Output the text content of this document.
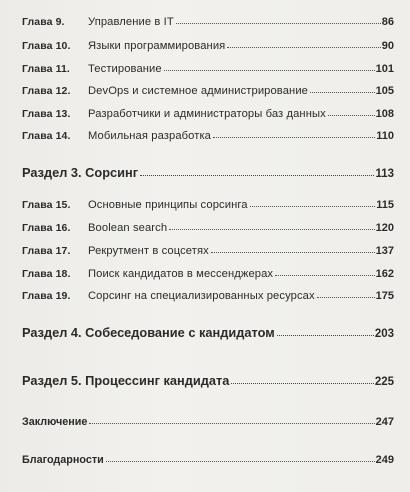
Глава 9.	Управление в IT	86
Глава 10.	Языки программирования	90
Глава 11.	Тестирование	101
Глава 12.	DevOps и системное администрирование	105
Глава 13.	Разработчики и администраторы баз данных	108
Глава 14.	Мобильная разработка	110
Раздел 3. Сорсинг	113
Глава 15.	Основные принципы сорсинга	115
Глава 16.	Boolean search	120
Глава 17.	Рекрутмент в соцсетях	137
Глава 18.	Поиск кандидатов в мессенджерах	162
Глава 19.	Сорсинг на специализированных ресурсах	175
Раздел 4. Собеседование с кандидатом	203
Раздел 5. Процессинг кандидата	225
Заключение	247
Благодарности	249
